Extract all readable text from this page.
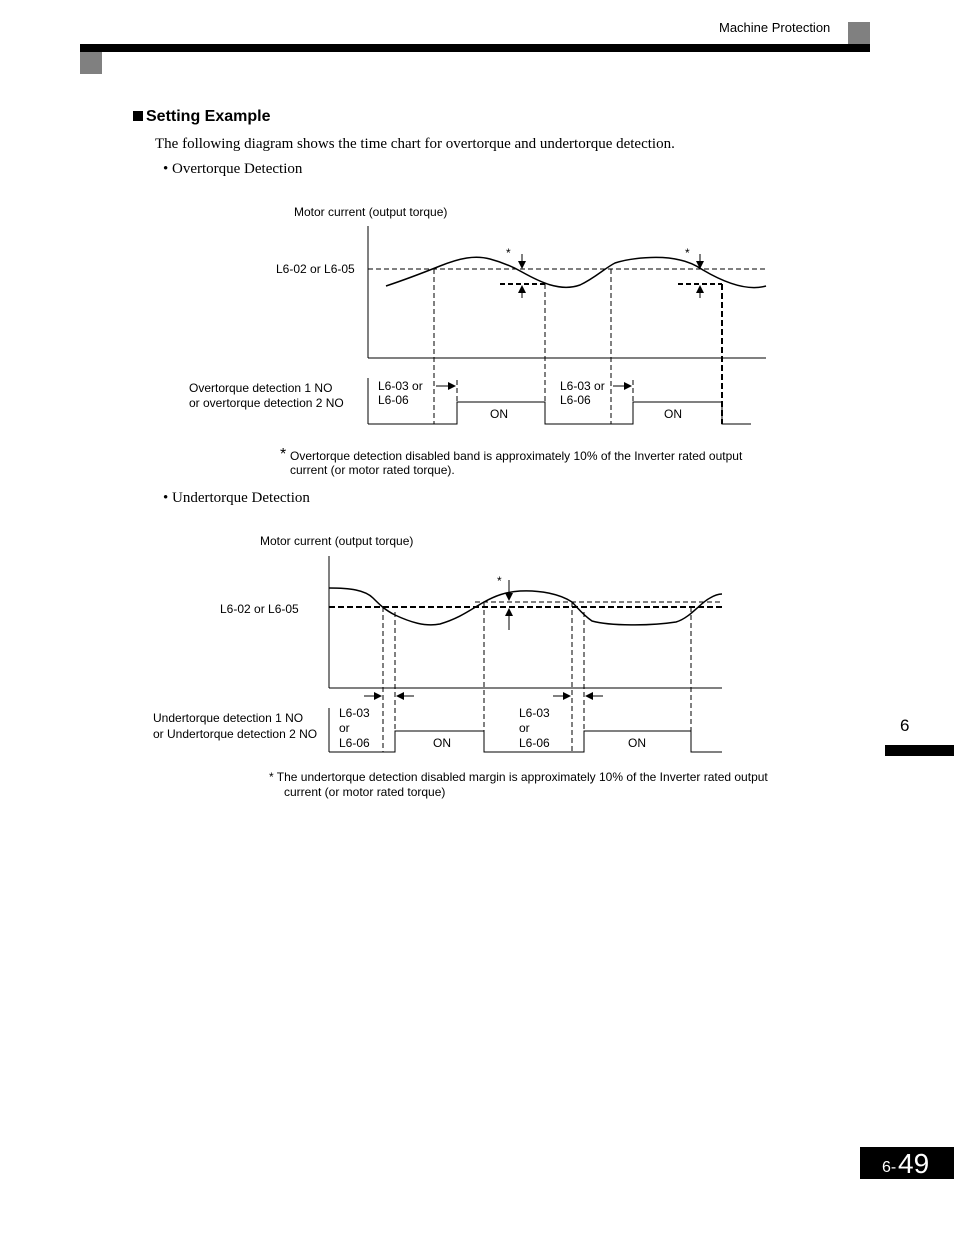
Machine Protection
Setting Example
The following diagram shows the time chart for overtorque and undertorque detection.
• Overtorque Detection
• Undertorque Detection
Motor current (output torque)
L6-02 or L6-05
*	*
Overtorque detection 1 NO
or overtorque detection 2 NO
L6-03 or
L6-06
L6-03 or
L6-06
ON	ON
* Overtorque detection disabled band is approximately 10% of the Inverter rated output
current (or motor rated torque).
Motor current (output torque)
L6-02 or L6-05
*
Undertorque detection 1 NO
or Undertorque detection 2 NO
L6-03
or
L6-06
L6-03
or
L6-06
ON	ON
* The undertorque detection disabled margin is approximately 10% of the Inverter rated output
current (or motor rated torque)
6
6- 49
